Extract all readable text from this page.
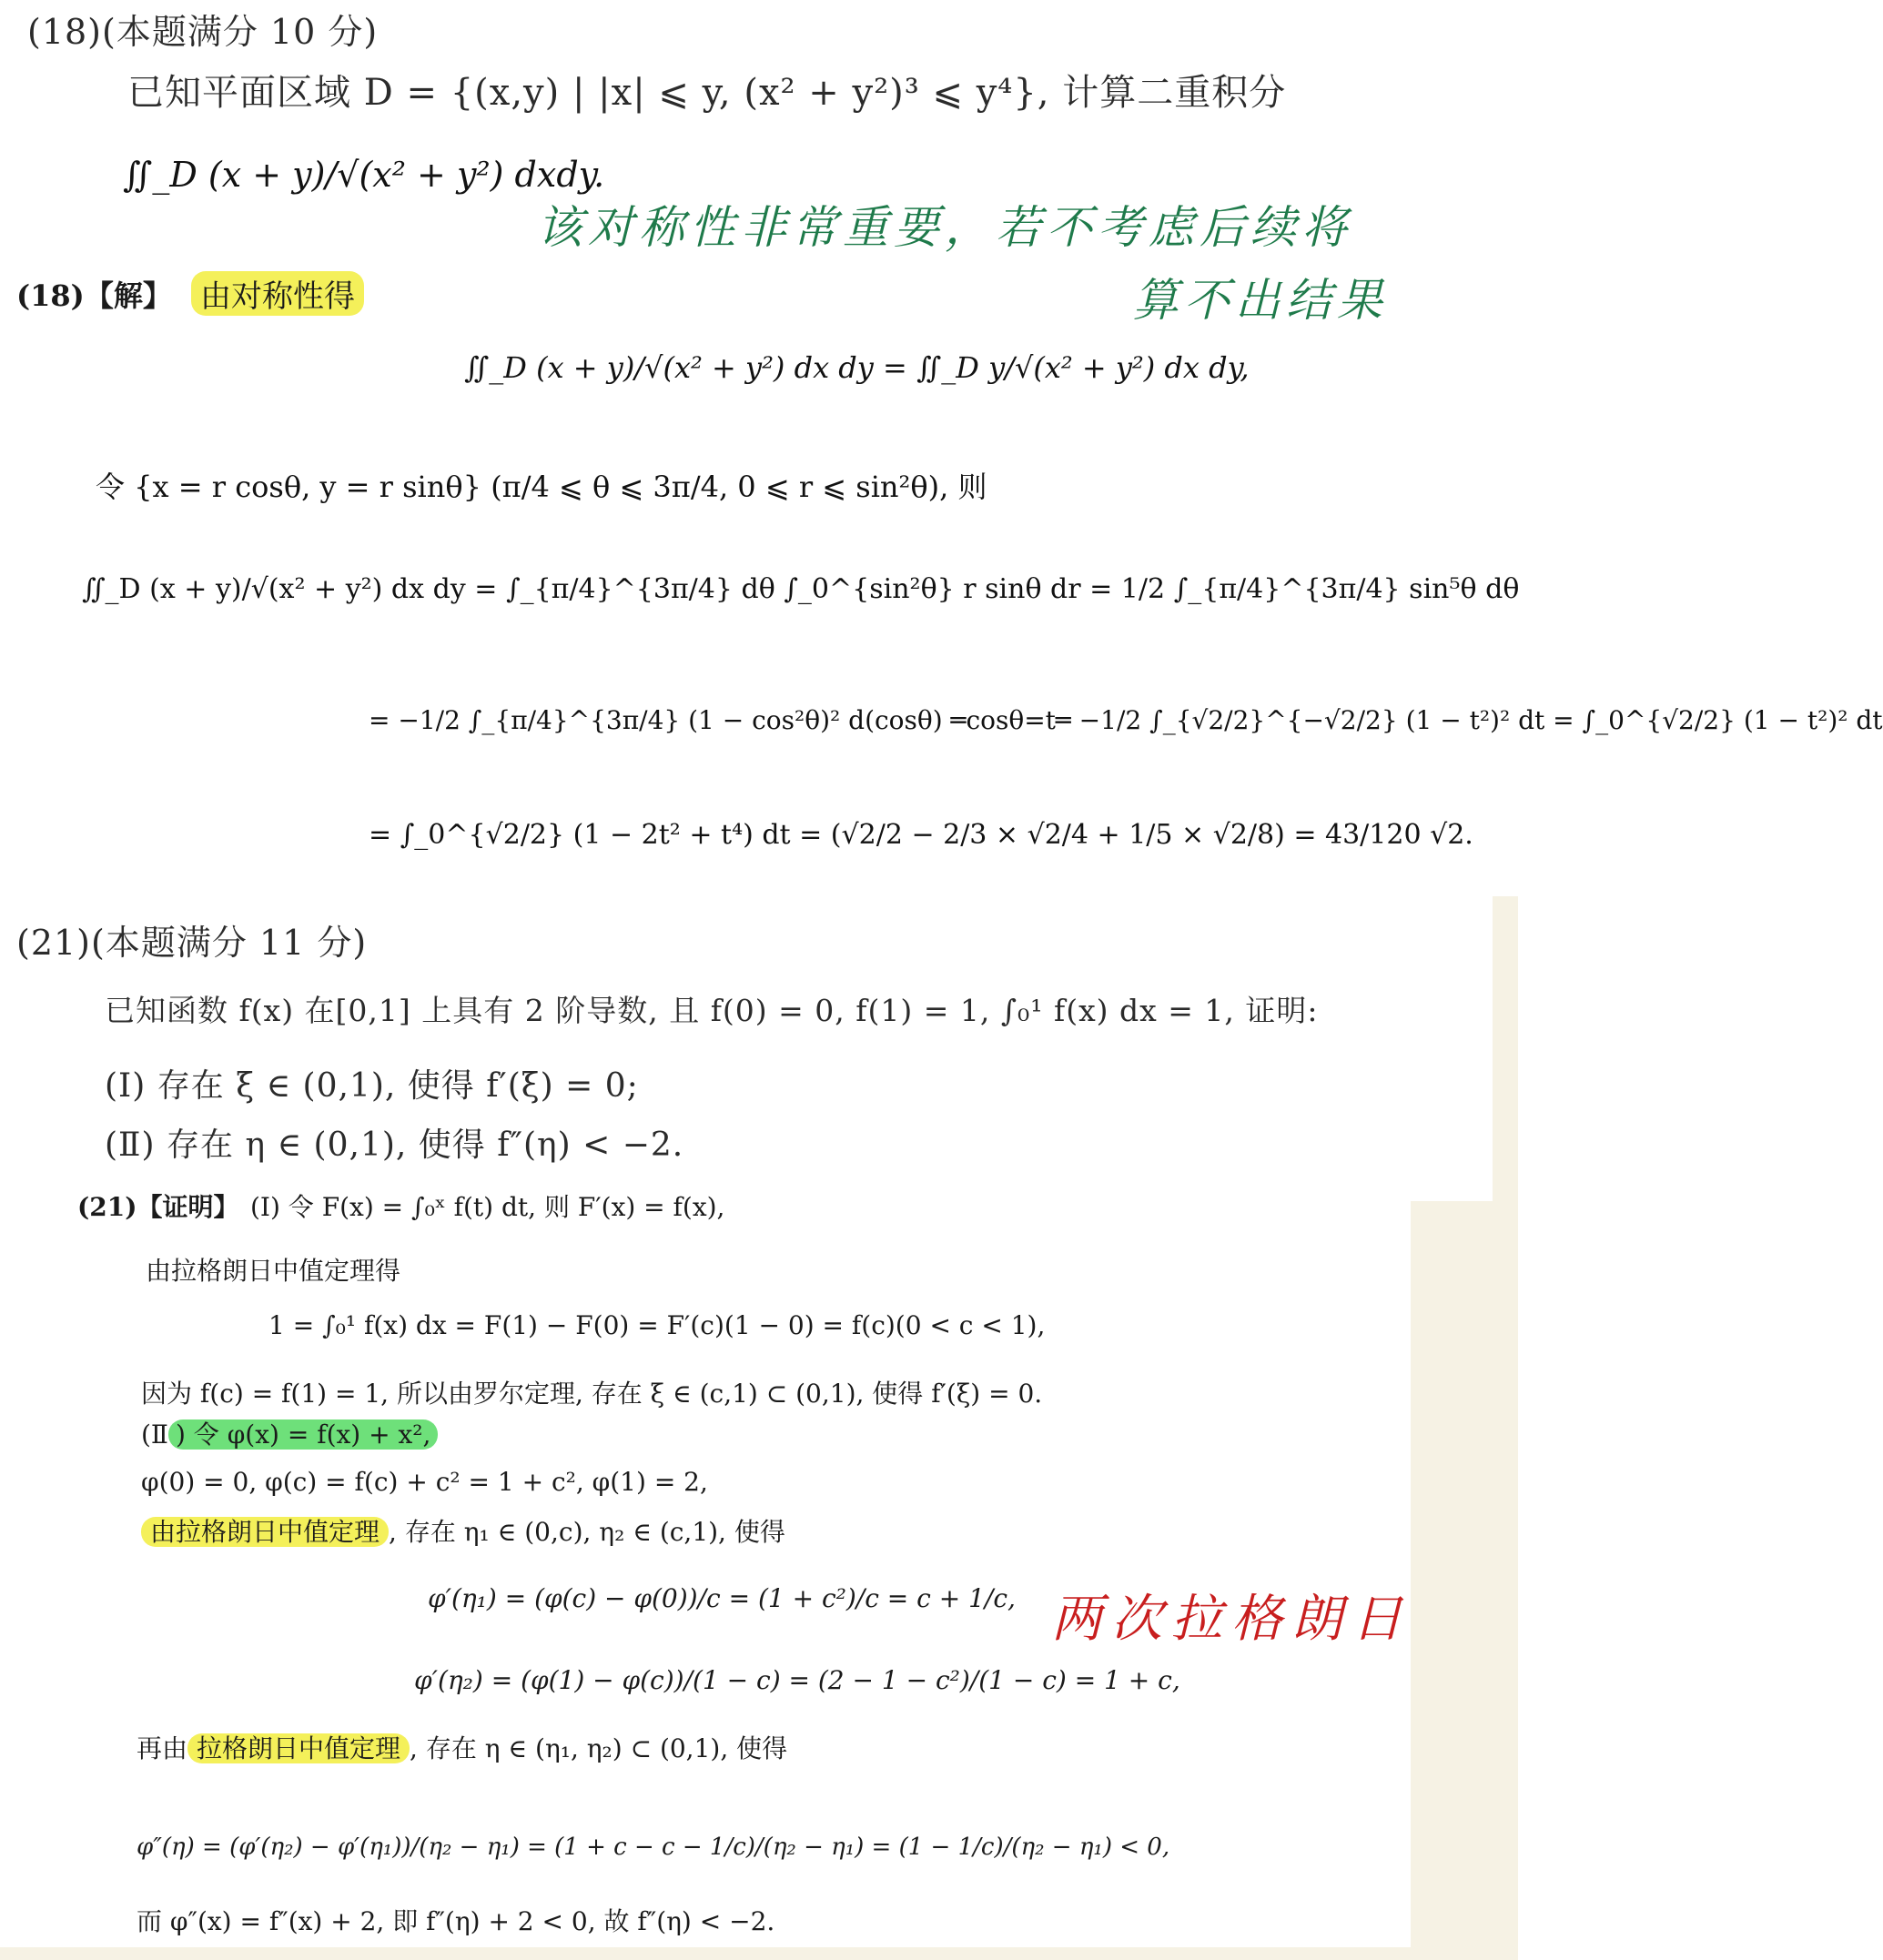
(18)(本题满分 10 分)
已知平面区域 D = {(x,y) | |x| ⩽ y, (x² + y²)³ ⩽ y⁴}, 计算二重积分
∬_D (x + y)/√(x² + y²) dxdy.
该对称性非常重要，若不考虑后续将
算不出结果
(18)【解】 由对称性得
∬_D (x + y)/√(x² + y²) dx dy = ∬_D y/√(x² + y²) dx dy,
令 {x = r cosθ, y = r sinθ} (π/4 ⩽ θ ⩽ 3π/4, 0 ⩽ r ⩽ sin²θ), 则
∬_D (x + y)/√(x² + y²) dx dy = ∫_{π/4}^{3π/4} dθ ∫_0^{sin²θ} r sinθ dr = 1/2 ∫_{π/4}^{3π/4} sin⁵θ dθ
= −1/2 ∫_{π/4}^{3π/4} (1 − cos²θ)² d(cosθ) ═cosθ=t═ −1/2 ∫_{√2/2}^{−√2/2} (1 − t²)² dt = ∫_0^{√2/2} (1 − t²)² dt
= ∫_0^{√2/2} (1 − 2t² + t⁴) dt = (√2/2 − 2/3 × √2/4 + 1/5 × √2/8) = 43/120 √2.
(21)(本题满分 11 分)
已知函数 f(x) 在[0,1] 上具有 2 阶导数, 且 f(0) = 0, f(1) = 1, ∫₀¹ f(x) dx = 1, 证明:
(Ⅰ) 存在 ξ ∈ (0,1), 使得 f′(ξ) = 0;
(Ⅱ) 存在 η ∈ (0,1), 使得 f″(η) < −2.
(21)【证明】 (Ⅰ) 令 F(x) = ∫₀ˣ f(t) dt, 则 F′(x) = f(x),
由拉格朗日中值定理得
1 = ∫₀¹ f(x) dx = F(1) − F(0) = F′(c)(1 − 0) = f(c)(0 < c < 1),
因为 f(c) = f(1) = 1, 所以由罗尔定理, 存在 ξ ∈ (c,1) ⊂ (0,1), 使得 f′(ξ) = 0.
(Ⅱ ) 令 φ(x) = f(x) + x²,
φ(0) = 0, φ(c) = f(c) + c² = 1 + c², φ(1) = 2,
由拉格朗日中值定理 , 存在 η₁ ∈ (0,c), η₂ ∈ (c,1), 使得
φ′(η₁) = (φ(c) − φ(0))/c = (1 + c²)/c = c + 1/c, 两次拉格朗日
φ′(η₂) = (φ(1) − φ(c))/(1 − c) = (2 − 1 − c²)/(1 − c) = 1 + c,
再由 拉格朗日中值定理 , 存在 η ∈ (η₁, η₂) ⊂ (0,1), 使得
φ″(η) = (φ′(η₂) − φ′(η₁))/(η₂ − η₁) = (1 + c − c − 1/c)/(η₂ − η₁) = (1 − 1/c)/(η₂ − η₁) < 0,
而 φ″(x) = f″(x) + 2, 即 f″(η) + 2 < 0, 故 f″(η) < −2.
